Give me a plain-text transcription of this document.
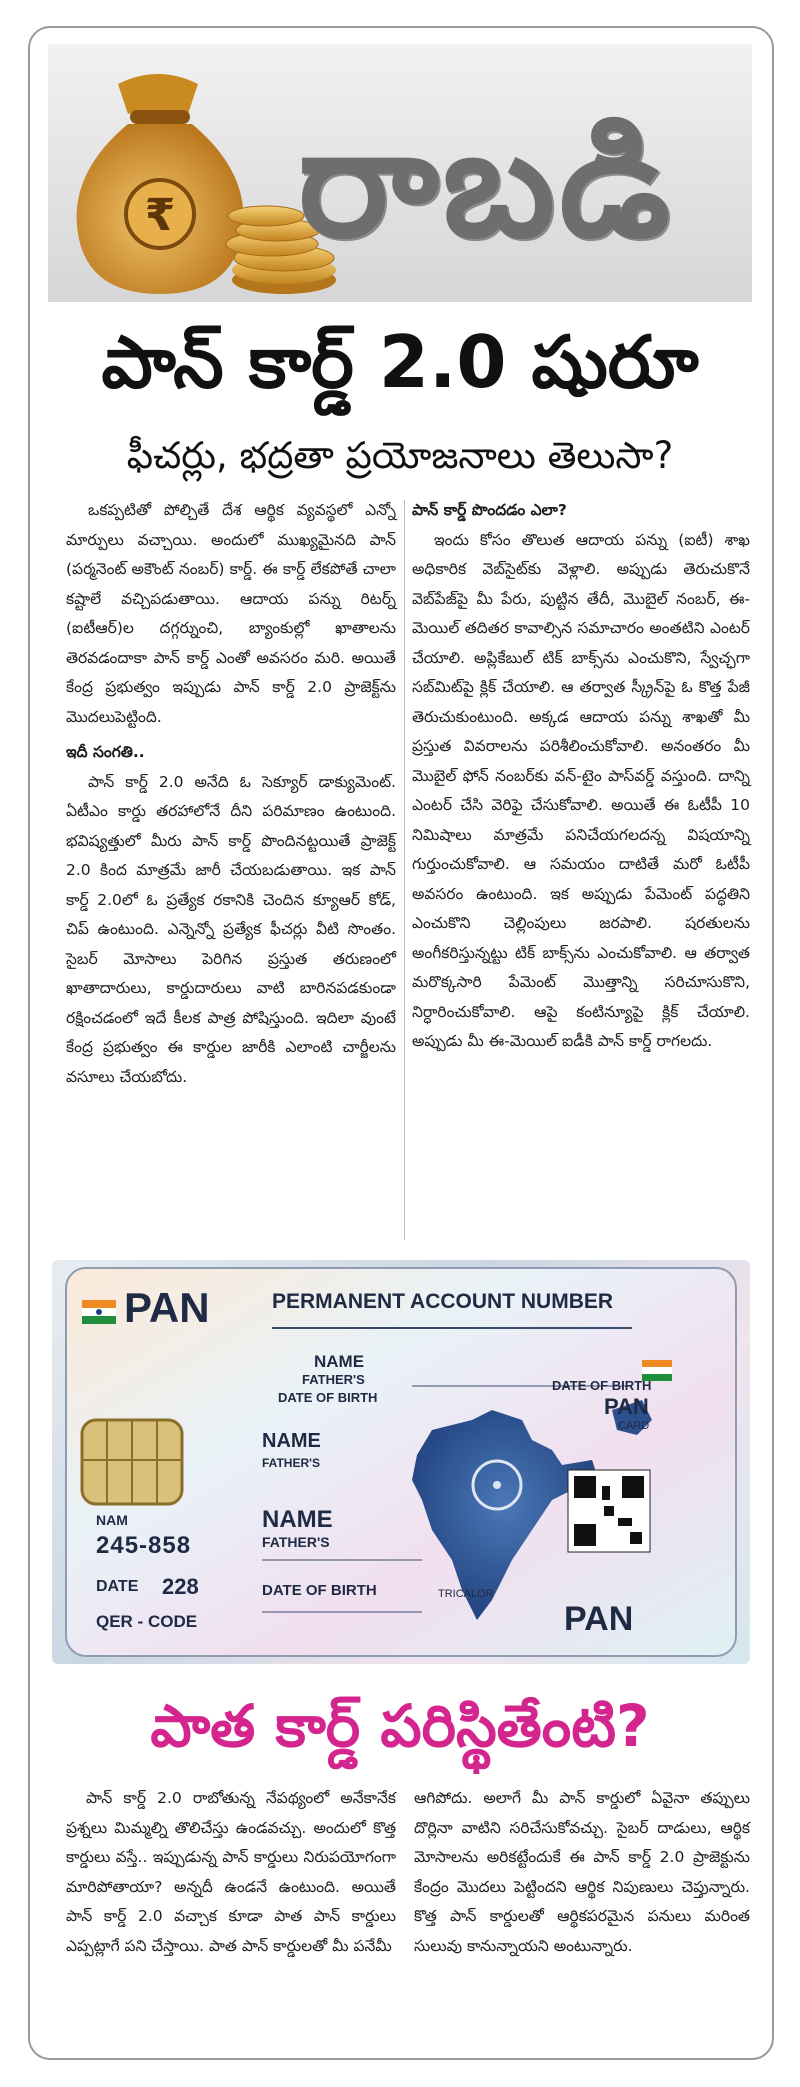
₹ రాబడి
పాన్ కార్డ్ 2.0 షురూ
ఫీచర్లు, భద్రతా ప్రయోజనాలు తెలుసా?

ఒకప్పటితో పోల్చితే దేశ ఆర్థిక వ్యవస్థలో ఎన్నో మార్పులు వచ్చాయి. అందులో ముఖ్యమైనది పాన్ (పర్మనెంట్ అకౌంట్ నంబర్) కార్డ్. ఈ కార్డ్ లేకపోతే చాలా కష్టాలే వచ్చిపడుతాయి. ఆదాయ పన్ను రిటర్న్ (ఐటీఆర్)ల దగ్గర్నుంచి, బ్యాంకుల్లో ఖాతాలను తెరవడందాకా పాన్ కార్డ్ ఎంతో అవసరం మరి. అయితే కేంద్ర ప్రభుత్వం ఇప్పుడు పాన్ కార్డ్ 2.0 ప్రాజెక్ట్‌ను మొదలుపెట్టింది.

ఇదీ సంగతి..

పాన్ కార్డ్ 2.0 అనేది ఓ సెక్యూర్ డాక్యుమెంట్. ఏటీఎం కార్డు తరహాలోనే దీని పరిమాణం ఉంటుంది. భవిష్యత్తులో మీరు పాన్ కార్డ్ పొందినట్టయితే ప్రాజెక్ట్ 2.0 కింద మాత్రమే జారీ చేయబడుతాయి. ఇక పాన్ కార్డ్ 2.0లో ఓ ప్రత్యేక రకానికి చెందిన క్యూఆర్ కోడ్, చిప్ ఉంటుంది. ఎన్నెన్నో ప్రత్యేక ఫీచర్లు వీటి సొంతం. సైబర్ మోసాలు పెరిగిన ప్రస్తుత తరుణంలో ఖాతాదారులు, కార్డుదారులు వాటి బారినపడకుండా రక్షించడంలో ఇదే కీలక పాత్ర పోషిస్తుంది. ఇదిలా వుంటే కేంద్ర ప్రభుత్వం ఈ కార్డుల జారీకి ఎలాంటి చార్జీలను వసూలు చేయబోదు.

పాన్ కార్డ్ పొందడం ఎలా?

ఇందు కోసం తొలుత ఆదాయ పన్ను (ఐటీ) శాఖ అధికారిక వెబ్‌సైట్‌కు వెళ్లాలి. అప్పుడు తెరుచుకొనే వెబ్‌పేజ్‌పై మీ పేరు, పుట్టిన తేదీ, మొబైల్ నంబర్, ఈ-మెయిల్ తదితర కావాల్సిన సమాచారం అంతటిని ఎంటర్ చేయాలి. అప్లికేబుల్ టిక్ బాక్స్‌ను ఎంచుకొని, స్వేచ్ఛగా సబ్‌మిట్‌పై క్లిక్ చేయాలి. ఆ తర్వాత స్క్రీన్‌పై ఓ కొత్త పేజీ తెరుచుకుంటుంది. అక్కడ ఆదాయ పన్ను శాఖతో మీ ప్రస్తుత వివరాలను పరిశీలించుకోవాలి. అనంతరం మీ మొబైల్ ఫోన్ నంబర్‌కు వన్-టైం పాస్‌వర్డ్ వస్తుంది. దాన్ని ఎంటర్ చేసి వెరిఫై చేసుకోవాలి. అయితే ఈ ఓటీపీ 10 నిమిషాలు మాత్రమే పనిచేయగలదన్న విషయాన్ని గుర్తుంచుకోవాలి. ఆ సమయం దాటితే మరో ఓటీపీ అవసరం ఉంటుంది. ఇక అప్పుడు పేమెంట్ పద్ధతిని ఎంచుకొని చెల్లింపులు జరపాలి. షరతులను అంగీకరిస్తున్నట్టు టిక్ బాక్స్‌ను ఎంచుకోవాలి. ఆ తర్వాత మరొక్కసారి పేమెంట్ మొత్తాన్ని సరిచూసుకొని, నిర్ధారించుకోవాలి. ఆపై కంటిన్యూపై క్లిక్ చేయాలి. అప్పుడు మీ ఈ-మెయిల్ ఐడీకి పాన్ కార్డ్ రాగలదు.

PAN	PERMANENT ACCOUNT NUMBER
NAME
FATHER'S
DATE OF BIRTH
DATE OF BIRTH
NAME
FATHER'S
NAME
FATHER'S
DATE OF BIRTH
NAM
245-858
DATE 228
QER - CODE
PAN
CARD
TRICALOR
PAN
పాత కార్డ్ పరిస్థితేంటి?

పాన్ కార్డ్ 2.0 రాబోతున్న నేపథ్యంలో అనేకానేక ప్రశ్నలు మిమ్మల్ని తొలిచేస్తు ఉండవచ్చు. అందులో కొత్త కార్డులు వస్తే.. ఇప్పుడున్న పాన్ కార్డులు నిరుపయోగంగా మారిపోతాయా? అన్నదీ ఉండనే ఉంటుంది. అయితే పాన్ కార్డ్ 2.0 వచ్చాక కూడా పాత పాన్ కార్డులు ఎప్పట్లాగే పని చేస్తాయి. పాత పాన్ కార్డులతో మీ పనేమీ

ఆగిపోదు. అలాగే మీ పాన్ కార్డులో ఏవైనా తప్పులు దొర్లినా వాటిని సరిచేసుకోవచ్చు. సైబర్ దాడులు, ఆర్థిక మోసాలను అరికట్టేందుకే ఈ పాన్ కార్డ్ 2.0 ప్రాజెక్టును కేంద్రం మొదలు పెట్టిందని ఆర్థిక నిపుణులు చెప్తున్నారు. కొత్త పాన్ కార్డులతో ఆర్థికపరమైన పనులు మరింత సులువు కానున్నాయని అంటున్నారు.
